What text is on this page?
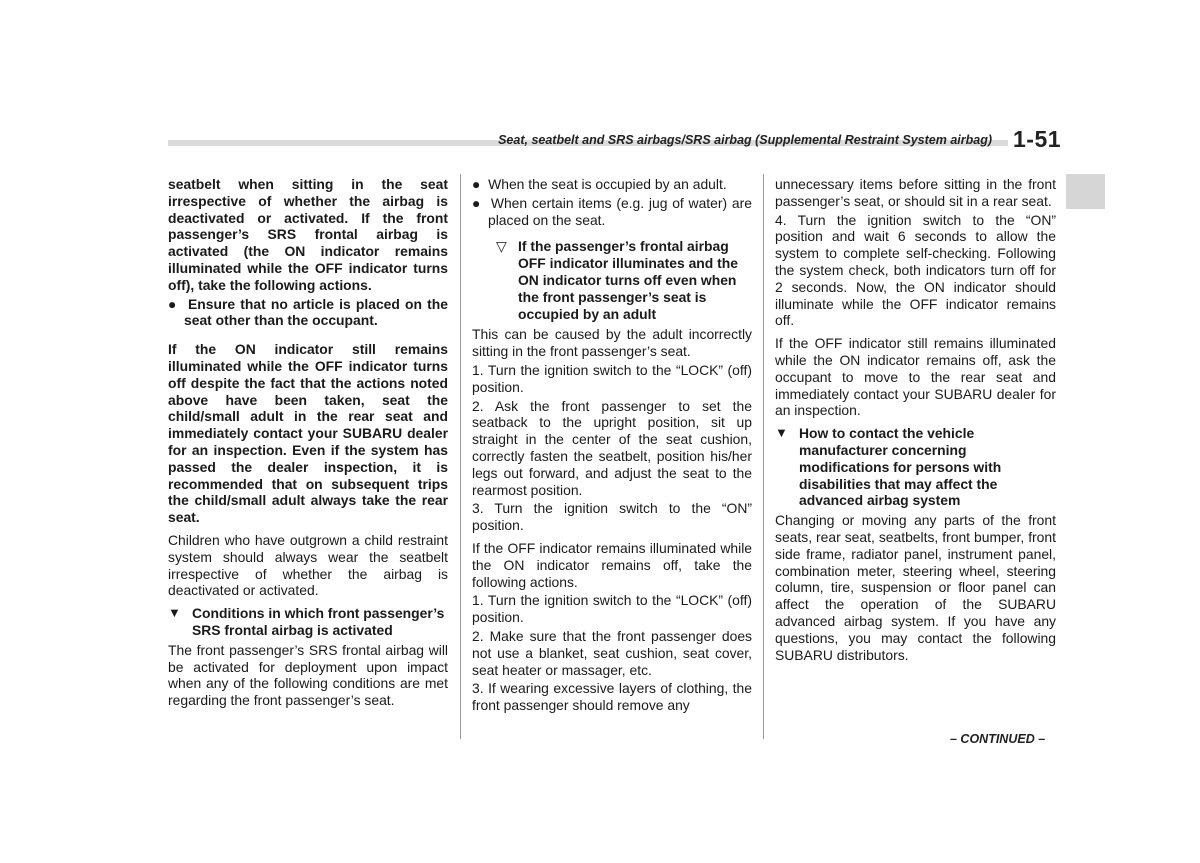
Seat, seatbelt and SRS airbags/SRS airbag (Supplemental Restraint System airbag) 1-51

seatbelt when sitting in the seat irrespective of whether the airbag is deactivated or activated. If the front passenger’s SRS frontal airbag is activated (the ON indicator remains illuminated while the OFF indicator turns off), take the following actions.

●  Ensure that no article is placed on the seat other than the occupant.

If the ON indicator still remains illuminated while the OFF indicator turns off despite the fact that the actions noted above have been taken, seat the child/small adult in the rear seat and immediately contact your SUBARU dealer for an inspection. Even if the system has passed the dealer inspection, it is recommended that on subsequent trips the child/small adult always take the rear seat.

Children who have outgrown a child restraint system should always wear the seatbelt irrespective of whether the airbag is deactivated or activated.

▼ Conditions in which front passenger’s SRS frontal airbag is activated

The front passenger’s SRS frontal airbag will be activated for deployment upon impact when any of the following conditions are met regarding the front passenger’s seat.

●  When the seat is occupied by an adult.

●  When certain items (e.g. jug of water) are placed on the seat.

▽ If the passenger’s frontal airbag OFF indicator illuminates and the ON indicator turns off even when the front passenger’s seat is occupied by an adult

This can be caused by the adult incorrectly sitting in the front passenger’s seat.

1. Turn the ignition switch to the “LOCK” (off) position.

2. Ask the front passenger to set the seatback to the upright position, sit up straight in the center of the seat cushion, correctly fasten the seatbelt, position his/her legs out forward, and adjust the seat to the rearmost position.

3. Turn the ignition switch to the “ON” position.

If the OFF indicator remains illuminated while the ON indicator remains off, take the following actions.

1. Turn the ignition switch to the “LOCK” (off) position.

2. Make sure that the front passenger does not use a blanket, seat cushion, seat cover, seat heater or massager, etc.

3. If wearing excessive layers of clothing, the front passenger should remove any

unnecessary items before sitting in the front passenger’s seat, or should sit in a rear seat.

4. Turn the ignition switch to the “ON” position and wait 6 seconds to allow the system to complete self-checking. Following the system check, both indicators turn off for 2 seconds. Now, the ON indicator should illuminate while the OFF indicator remains off.

If the OFF indicator still remains illuminated while the ON indicator remains off, ask the occupant to move to the rear seat and immediately contact your SUBARU dealer for an inspection.

▼ How to contact the vehicle manufacturer concerning modifications for persons with disabilities that may affect the advanced airbag system

Changing or moving any parts of the front seats, rear seat, seatbelts, front bumper, front side frame, radiator panel, instrument panel, combination meter, steering wheel, steering column, tire, suspension or floor panel can affect the operation of the SUBARU advanced airbag system. If you have any questions, you may contact the following SUBARU distributors.

– CONTINUED –
